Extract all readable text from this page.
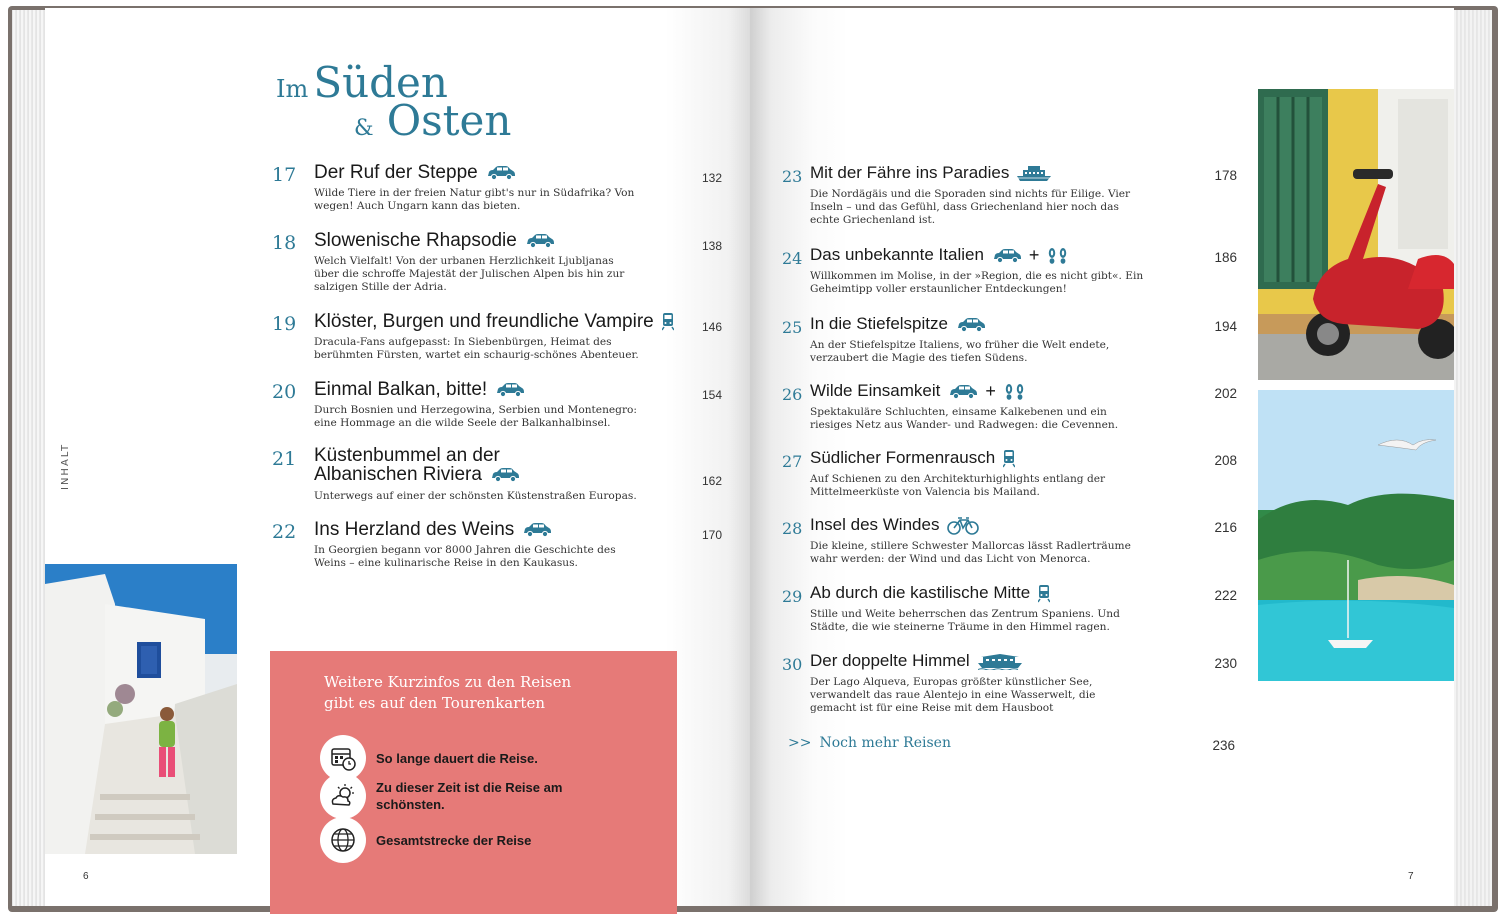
Im Süden
& Osten
INHALT
17 Der Ruf der Steppe
Wilde Tiere in der freien Natur gibt's nur in Südafrika? Von
wegen! Auch Ungarn kann das bieten.
132
18 Slowenische Rhapsodie
Welch Vielfalt! Von der urbanen Herzlichkeit Ljubljanas
über die schroffe Majestät der Julischen Alpen bis hin zur
salzigen Stille der Adria.
138
19 Klöster, Burgen und freundliche Vampire
Dracula-Fans aufgepasst: In Siebenbürgen, Heimat des
berühmten Fürsten, wartet ein schaurig-schönes Abenteuer.
146
20 Einmal Balkan, bitte!
Durch Bosnien und Herzegowina, Serbien und Montenegro:
eine Hommage an die wilde Seele der Balkanhalbinsel.
154
21 Küstenbummel an der
Albanischen Riviera
Unterwegs auf einer der schönsten Küstenstraßen Europas.
162
22 Ins Herzland des Weins
In Georgien begann vor 8000 Jahren die Geschichte des
Weins – eine kulinarische Reise in den Kaukasus.
170
23 Mit der Fähre ins Paradies
Die Nordägäis und die Sporaden sind nichts für Eilige. Vier
Inseln – und das Gefühl, dass Griechenland hier noch das
echte Griechenland ist.
178
24 Das unbekannte Italien	+
Willkommen im Molise, in der »Region, die es nicht gibt«. Ein
Geheimtipp voller erstaunlicher Entdeckungen!
186
25 In die Stiefelspitze
An der Stiefelspitze Italiens, wo früher die Welt endete,
verzaubert die Magie des tiefen Südens.
194
26 Wilde Einsamkeit	+
Spektakuläre Schluchten, einsame Kalkebenen und ein
riesiges Netz aus Wander- und Radwegen: die Cevennen.
202
27 Südlicher Formenrausch
Auf Schienen zu den Architekturhighlights entlang der
Mittelmeerküste von Valencia bis Mailand.
208
28 Insel des Windes
Die kleine, stillere Schwester Mallorcas lässt Radlerträume
wahr werden: der Wind und das Licht von Menorca.
216
29 Ab durch die kastilische Mitte
Stille und Weite beherrschen das Zentrum Spaniens. Und
Städte, die wie steinerne Träume in den Himmel ragen.
222
30 Der doppelte Himmel
Der Lago Alqueva, Europas größter künstlicher See,
verwandelt das raue Alentejo in eine Wasserwelt, die
gemacht ist für eine Reise mit dem Hausboot
230
>> Noch mehr Reisen	236
Weitere Kurzinfos zu den Reisen
gibt es auf den Tourenkarten
So lange dauert die Reise.
Zu dieser Zeit ist die Reise am schönsten.
Gesamtstrecke der Reise
6	7
